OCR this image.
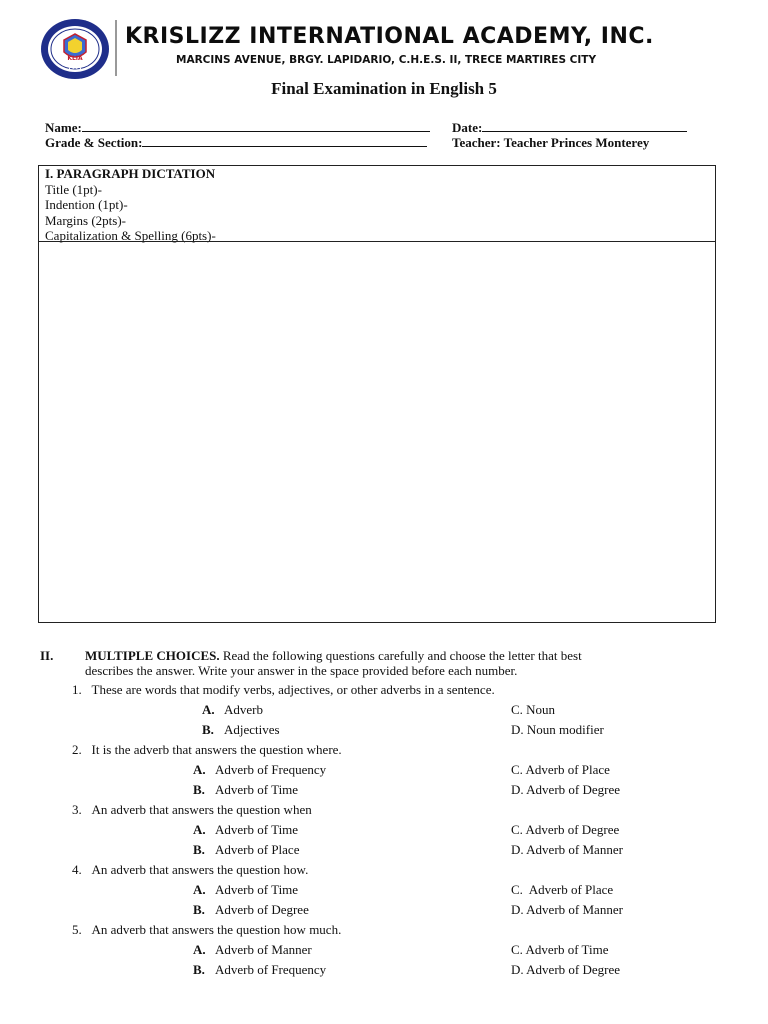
KLIA
• • • •
KRISLIZZ INTERNATIONAL ACADEMY, INC.
MARCINS AVENUE, BRGY. LAPIDARIO, C.H.E.S. II, TRECE MARTIRES CITY
Final Examination in English 5
Name:	Date:
Grade & Section:	Teacher: Teacher Princes Monterey
I. PARAGRAPH DICTATION
Title (1pt)-
Indention (1pt)-
Margins (2pts)-
Capitalization & Spelling (6pts)-
II. MULTIPLE CHOICES. Read the following questions carefully and choose the letter that best
describes the answer. Write your answer in the space provided before each number.
1. These are words that modify verbs, adjectives, or other adverbs in a sentence.
A. Adverb	C. Noun
B. Adjectives	D. Noun modifier
2. It is the adverb that answers the question where.
A. Adverb of Frequency	C. Adverb of Place
B. Adverb of Time	D. Adverb of Degree
3. An adverb that answers the question when
A. Adverb of Time	C. Adverb of Degree
B. Adverb of Place	D. Adverb of Manner
4. An adverb that answers the question how.
A. Adverb of Time	C.  Adverb of Place
B. Adverb of Degree	D. Adverb of Manner
5. An adverb that answers the question how much.
A. Adverb of Manner	C. Adverb of Time
B. Adverb of Frequency	D. Adverb of Degree
